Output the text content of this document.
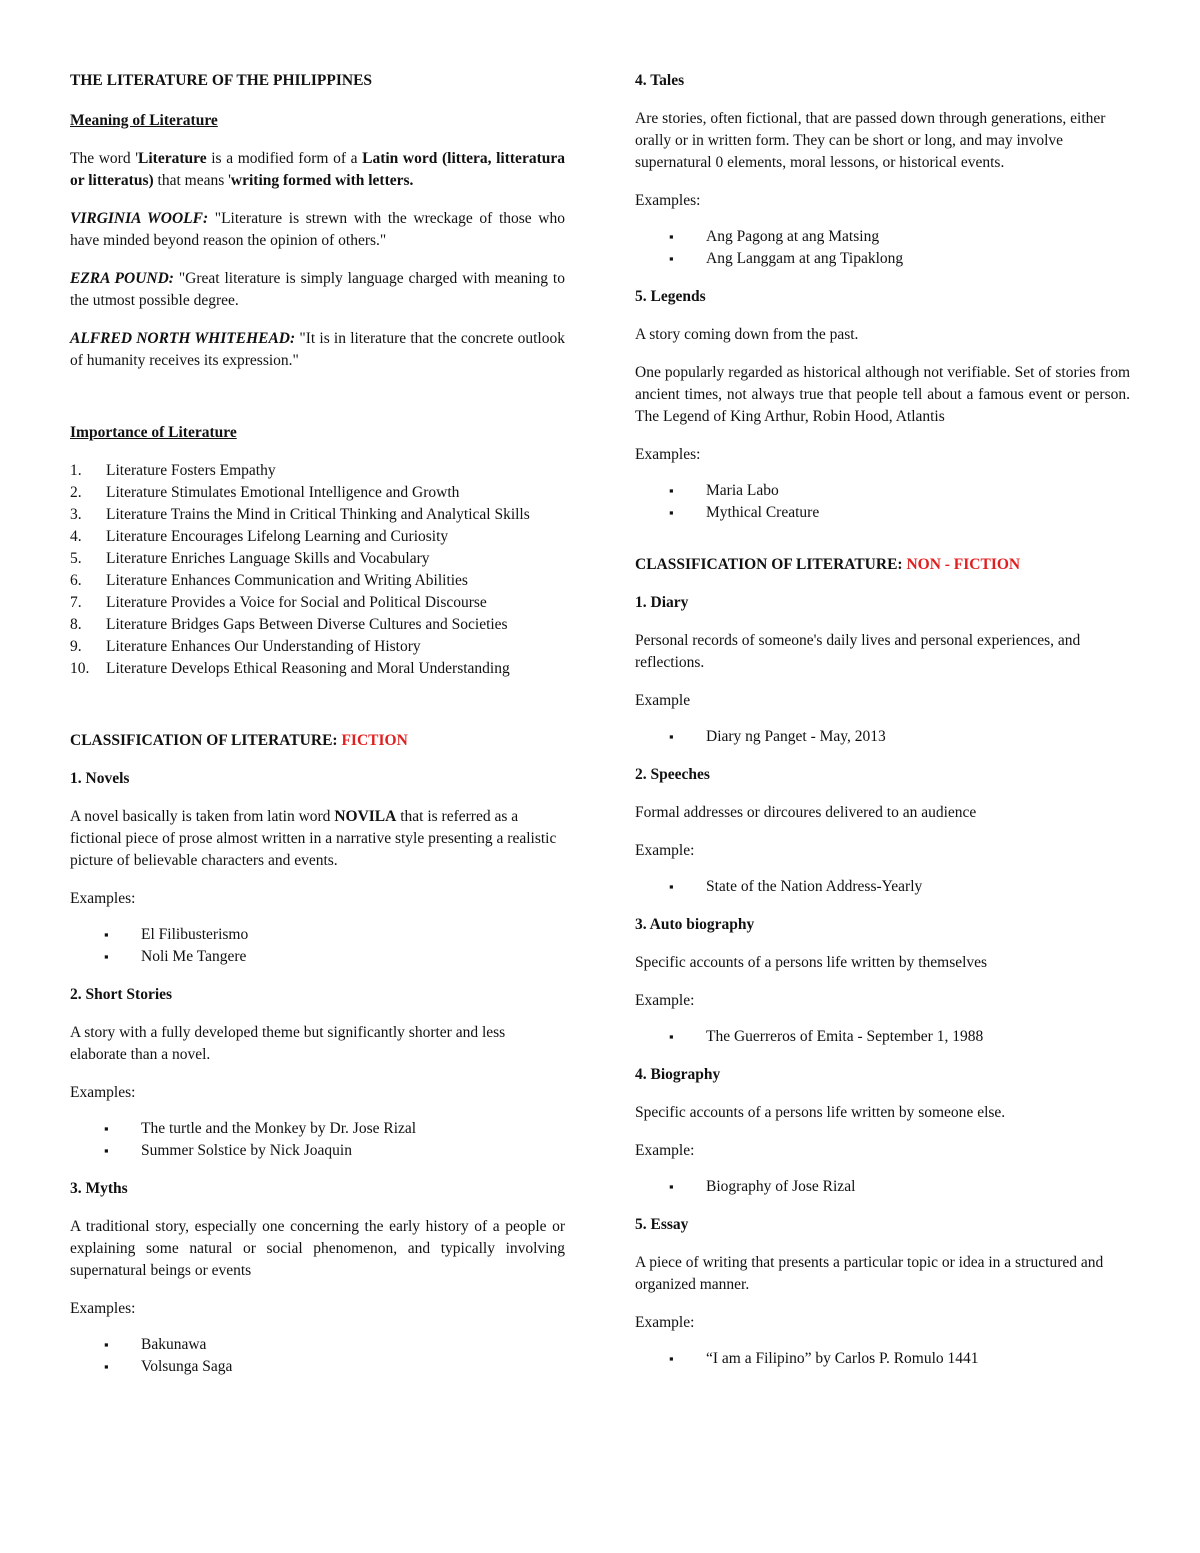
THE LITERATURE OF THE PHILIPPINES

Meaning of Literature

The word 'Literature is a modified form of a Latin word (littera, litteratura or litteratus) that means 'writing formed with letters.

VIRGINIA WOOLF: "Literature is strewn with the wreckage of those who have minded beyond reason the opinion of others."

EZRA POUND: "Great literature is simply language charged with meaning to the utmost possible degree.

ALFRED NORTH WHITEHEAD: "It is in literature that the concrete outlook of humanity receives its expression."

Importance of Literature

1. Literature Fosters Empathy
2. Literature Stimulates Emotional Intelligence and Growth
3. Literature Trains the Mind in Critical Thinking and Analytical Skills
4. Literature Encourages Lifelong Learning and Curiosity
5. Literature Enriches Language Skills and Vocabulary
6. Literature Enhances Communication and Writing Abilities
7. Literature Provides a Voice for Social and Political Discourse
8. Literature Bridges Gaps Between Diverse Cultures and Societies
9. Literature Enhances Our Understanding of History
10. Literature Develops Ethical Reasoning and Moral Understanding

CLASSIFICATION OF LITERATURE: FICTION

1. Novels

A novel basically is taken from latin word NOVILA that is referred as a fictional piece of prose almost written in a narrative style presenting a realistic picture of believable characters and events.

Examples:

▪ El Filibusterismo
▪ Noli Me Tangere

2. Short Stories

A story with a fully developed theme but significantly shorter and less elaborate than a novel.

Examples:

▪ The turtle and the Monkey by Dr. Jose Rizal
▪ Summer Solstice by Nick Joaquin

3. Myths

A traditional story, especially one concerning the early history of a people or explaining some natural or social phenomenon, and typically involving supernatural beings or events

Examples:

▪ Bakunawa
▪ Volsunga Saga

4. Tales

Are stories, often fictional, that are passed down through generations, either orally or in written form. They can be short or long, and may involve supernatural 0 elements, moral lessons, or historical events.

Examples:

▪ Ang Pagong at ang Matsing
▪ Ang Langgam at ang Tipaklong

5. Legends

A story coming down from the past.

One popularly regarded as historical although not verifiable. Set of stories from ancient times, not always true that people tell about a famous event or person. The Legend of King Arthur, Robin Hood, Atlantis

Examples:

▪ Maria Labo
▪ Mythical Creature

CLASSIFICATION OF LITERATURE: NON - FICTION

1. Diary

Personal records of someone's daily lives and personal experiences, and reflections.

Example

▪ Diary ng Panget - May, 2013

2. Speeches

Formal addresses or dircoures delivered to an audience

Example:

▪ State of the Nation Address-Yearly

3. Auto biography

Specific accounts of a persons life written by themselves

Example:

▪ The Guerreros of Emita - September 1, 1988

4. Biography

Specific accounts of a persons life written by someone else.

Example:

▪ Biography of Jose Rizal

5. Essay

A piece of writing that presents a particular topic or idea in a structured and organized manner.

Example:

▪ “I am a Filipino” by Carlos P. Romulo 1441
